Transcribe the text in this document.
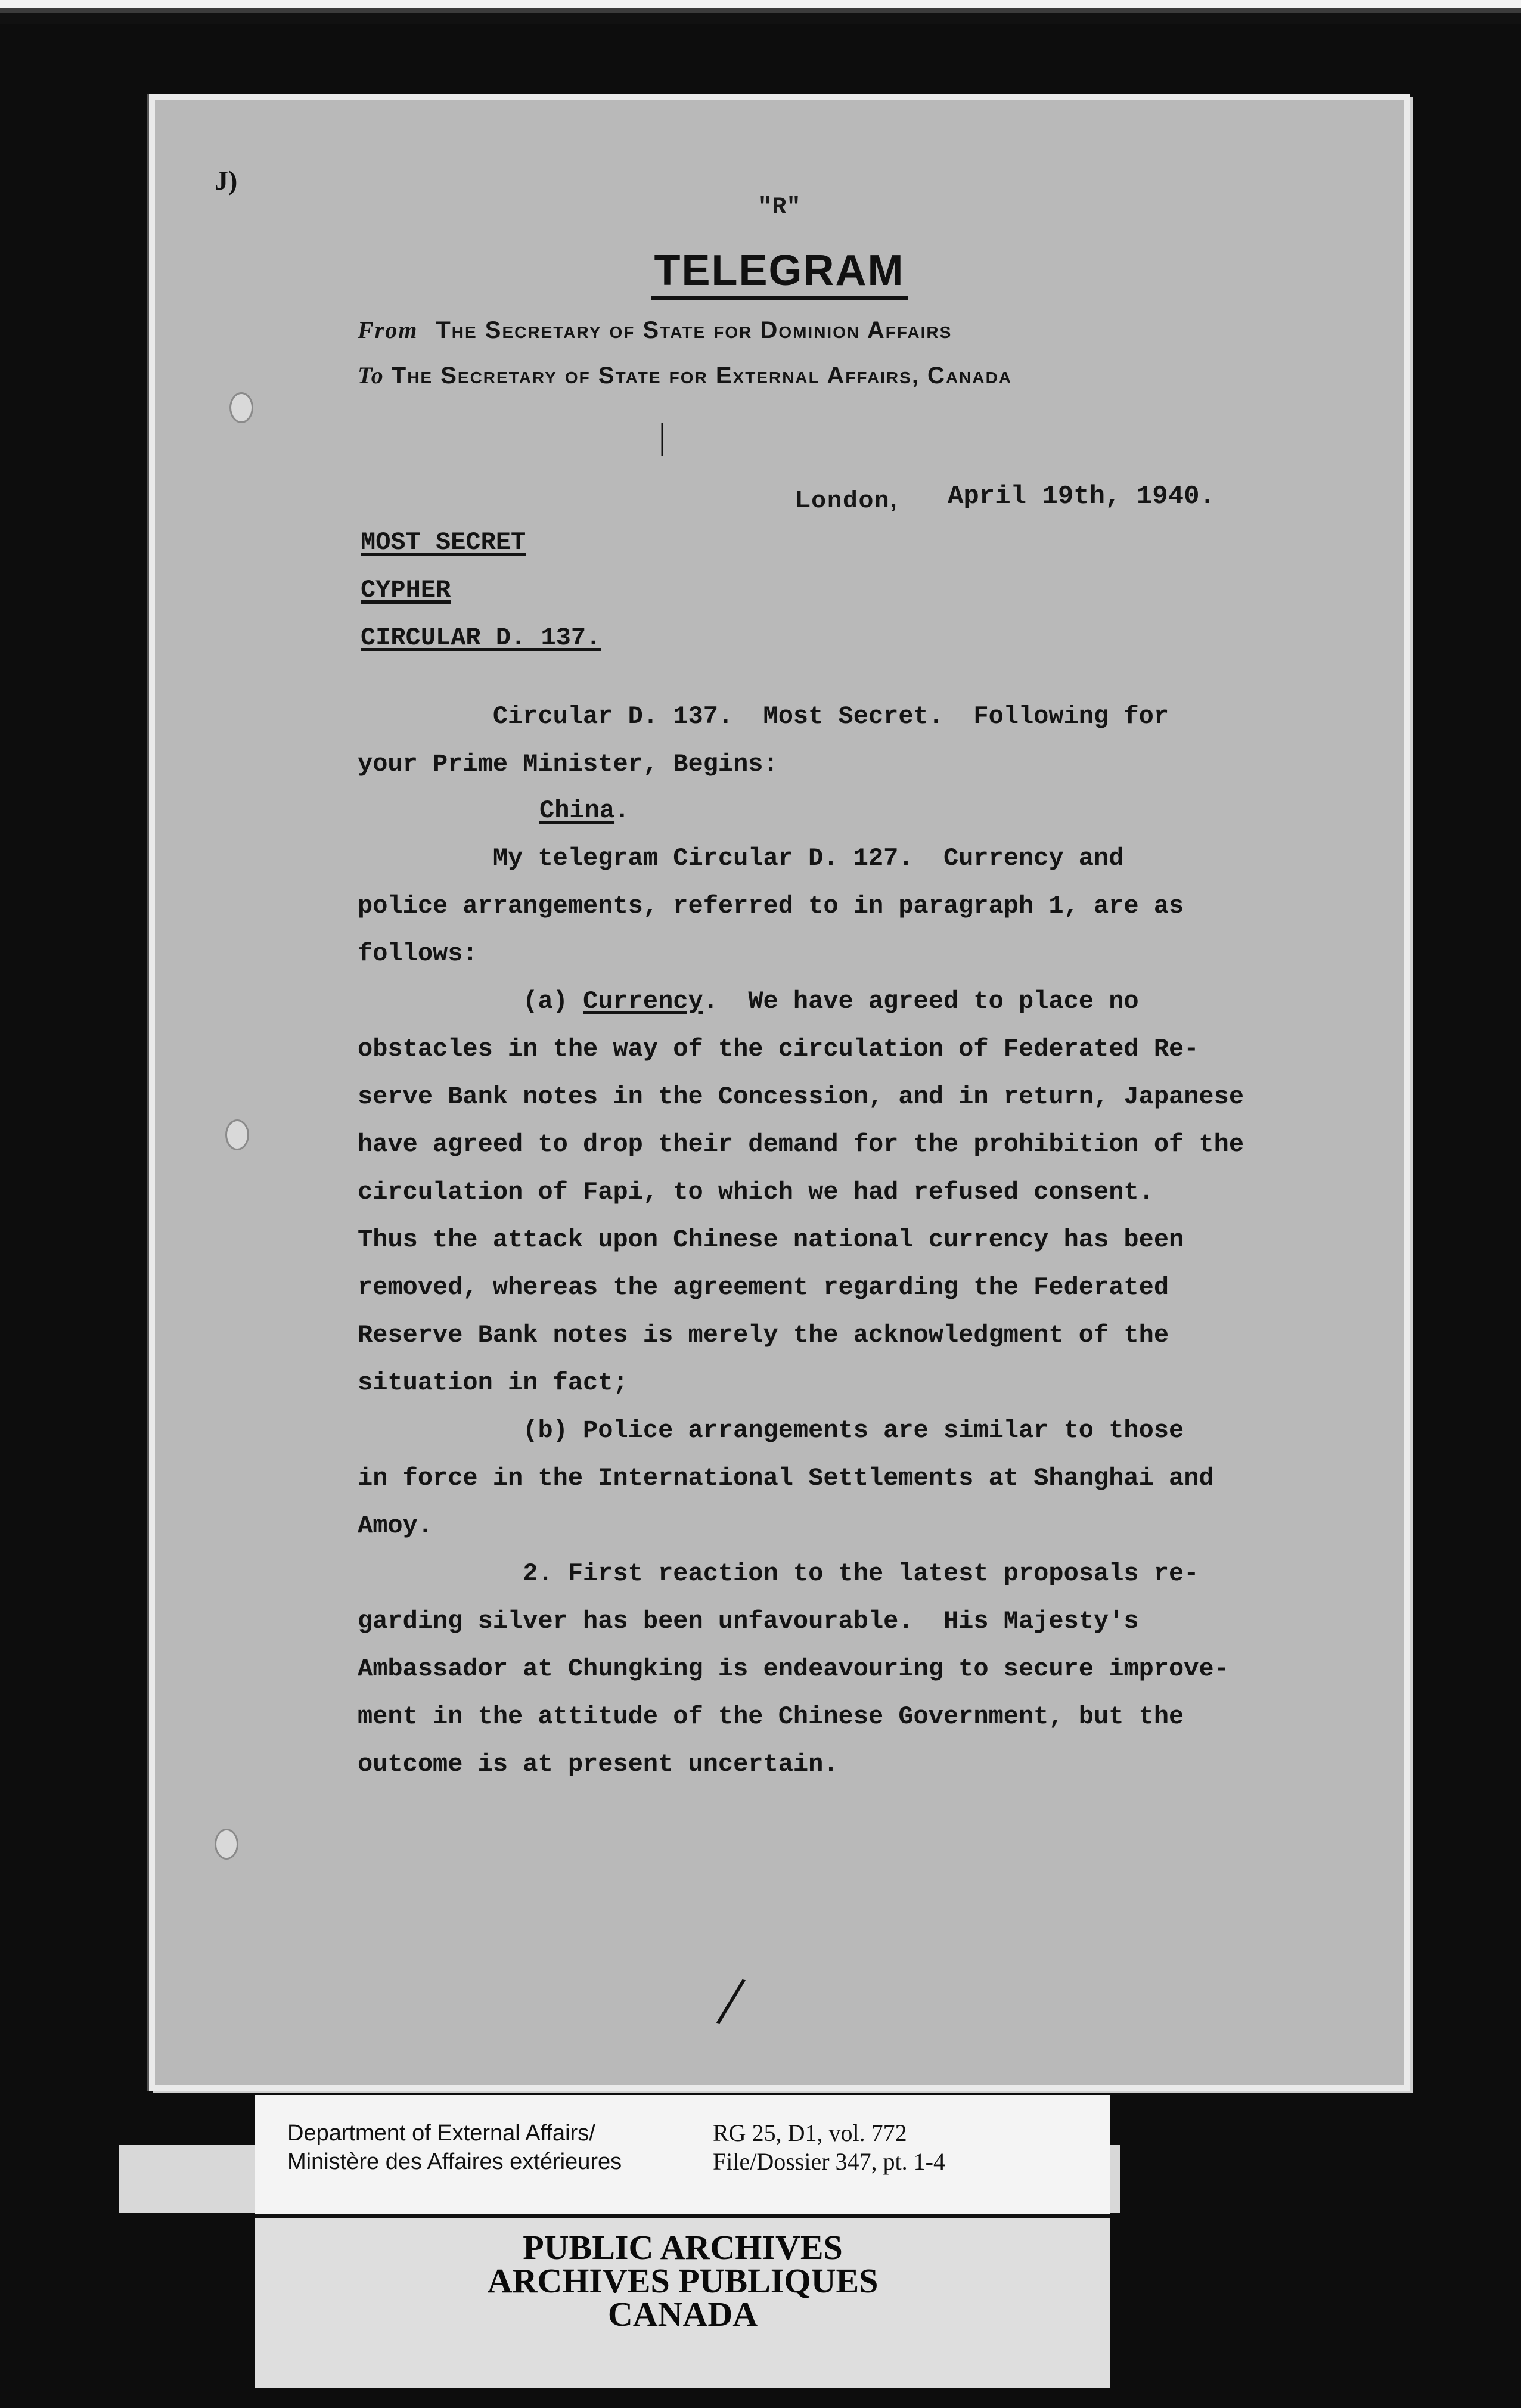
J)
/
"R"
TELEGRAM
From The Secretary of State for Dominion Affairs
To The Secretary of State for External Affairs, Canada
|
London, April 19th, 1940.
MOST SECRET
CYPHER
CIRCULAR D. 137.
Circular D. 137.  Most Secret.  Following for
your Prime Minister, Begins:
China.
My telegram Circular D. 127.  Currency and
police arrangements, referred to in paragraph 1, are as
follows:
(a) Currency.  We have agreed to place no
obstacles in the way of the circulation of Federated Re-
serve Bank notes in the Concession, and in return, Japanese
have agreed to drop their demand for the prohibition of the
circulation of Fapi, to which we had refused consent.
Thus the attack upon Chinese national currency has been
removed, whereas the agreement regarding the Federated
Reserve Bank notes is merely the acknowledgment of the
situation in fact;
(b) Police arrangements are similar to those
in force in the International Settlements at Shanghai and
Amoy.
2. First reaction to the latest proposals re-
garding silver has been unfavourable.  His Majesty's
Ambassador at Chungking is endeavouring to secure improve-
ment in the attitude of the Chinese Government, but the
outcome is at present uncertain.
Department of External Affairs/
Ministère des Affaires extérieures
RG 25, D1, vol. 772
File/Dossier 347, pt. 1-4
PUBLIC ARCHIVES
ARCHIVES PUBLIQUES
CANADA
